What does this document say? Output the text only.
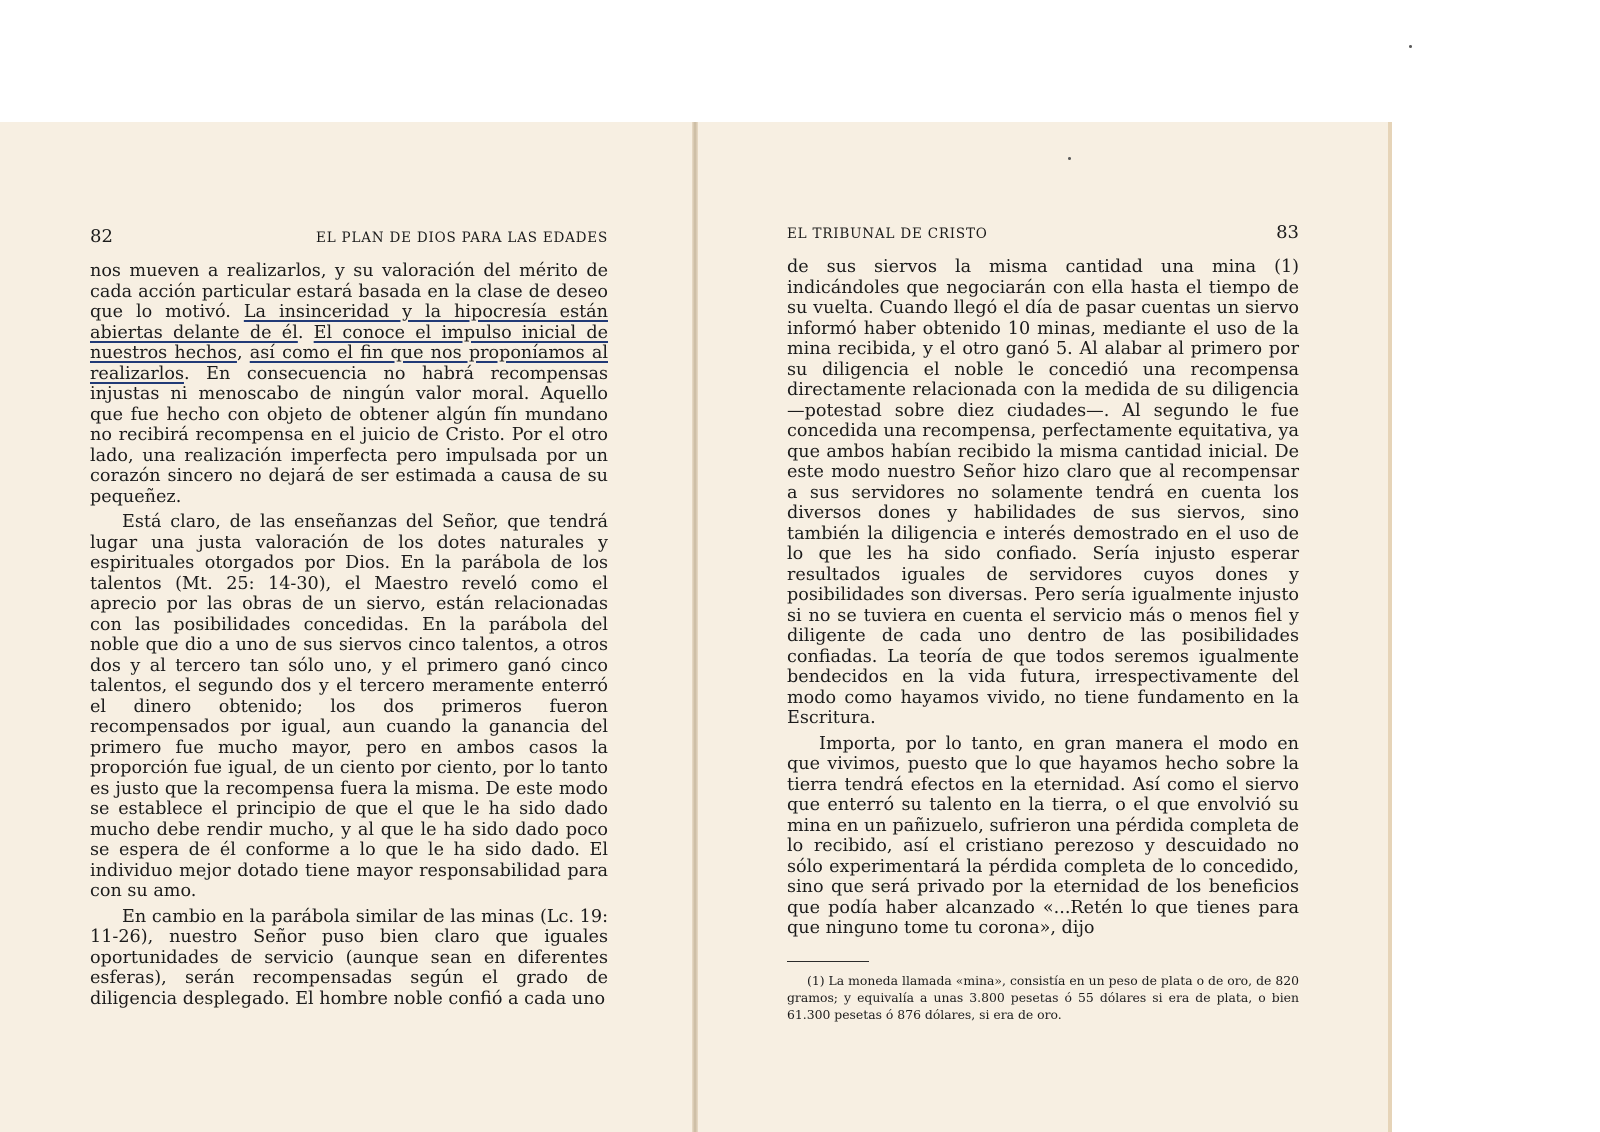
82	EL PLAN DE DIOS PARA LAS EDADES

nos mueven a realizarlos, y su valoración del mérito de cada acción particular estará basada en la clase de deseo que lo motivó. La insinceridad y la hipocresía están abiertas delante de él. El conoce el impulso inicial de nuestros hechos, así como el fin que nos proponíamos al realizarlos. En consecuencia no habrá recompensas injustas ni menoscabo de ningún valor moral. Aquello que fue hecho con objeto de obtener algún fín mundano no recibirá recompensa en el juicio de Cristo. Por el otro lado, una realización imperfecta pero impulsada por un corazón sincero no dejará de ser estimada a causa de su pequeñez.

Está claro, de las enseñanzas del Señor, que tendrá lugar una justa valoración de los dotes naturales y espirituales otorgados por Dios. En la parábola de los talentos (Mt. 25: 14-30), el Maestro reveló como el aprecio por las obras de un siervo, están relacionadas con las posibilidades concedidas. En la parábola del noble que dio a uno de sus siervos cinco talentos, a otros dos y al tercero tan sólo uno, y el primero ganó cinco talentos, el segundo dos y el tercero meramente enterró el dinero obtenido; los dos primeros fueron recompensados por igual, aun cuando la ganancia del primero fue mucho mayor, pero en ambos casos la proporción fue igual, de un ciento por ciento, por lo tanto es justo que la recompensa fuera la misma. De este modo se establece el principio de que el que le ha sido dado mucho debe rendir mucho, y al que le ha sido dado poco se espera de él conforme a lo que le ha sido dado. El individuo mejor dotado tiene mayor responsabilidad para con su amo.

En cambio en la parábola similar de las minas (Lc. 19: 11-26), nuestro Señor puso bien claro que iguales oportunidades de servicio (aunque sean en diferentes esferas), serán recompensadas según el grado de diligencia desplegado. El hombre noble confió a cada uno

EL TRIBUNAL DE CRISTO	83

de sus siervos la misma cantidad una mina (1) indicándoles que negociarán con ella hasta el tiempo de su vuelta. Cuando llegó el día de pasar cuentas un siervo informó haber obtenido 10 minas, mediante el uso de la mina recibida, y el otro ganó 5. Al alabar al primero por su diligencia el noble le concedió una recompensa directamente relacionada con la medida de su diligencia —potestad sobre diez ciudades—. Al segundo le fue concedida una recompensa, perfectamente equitativa, ya que ambos habían recibido la misma cantidad inicial. De este modo nuestro Señor hizo claro que al recompensar a sus servidores no solamente tendrá en cuenta los diversos dones y habilidades de sus siervos, sino también la diligencia e interés demostrado en el uso de lo que les ha sido confiado. Sería injusto esperar resultados iguales de servidores cuyos dones y posibilidades son diversas. Pero sería igualmente injusto si no se tuviera en cuenta el servicio más o menos fiel y diligente de cada uno dentro de las posibilidades confiadas. La teoría de que todos seremos igualmente bendecidos en la vida futura, irrespectivamente del modo como hayamos vivido, no tiene fundamento en la Escritura.

Importa, por lo tanto, en gran manera el modo en que vivimos, puesto que lo que hayamos hecho sobre la tierra tendrá efectos en la eternidad. Así como el siervo que enterró su talento en la tierra, o el que envolvió su mina en un pañizuelo, sufrieron una pérdida completa de lo recibido, así el cristiano perezoso y descuidado no sólo experimentará la pérdida completa de lo concedido, sino que será privado por la eternidad de los beneficios que podía haber alcanzado «...Retén lo que tienes para que ninguno tome tu corona», dijo

(1) La moneda llamada «mina», consistía en un peso de plata o de oro, de 820 gramos; y equivalía a unas 3.800 pesetas ó 55 dólares si era de plata, o bien 61.300 pesetas ó 876 dólares, si era de oro.
